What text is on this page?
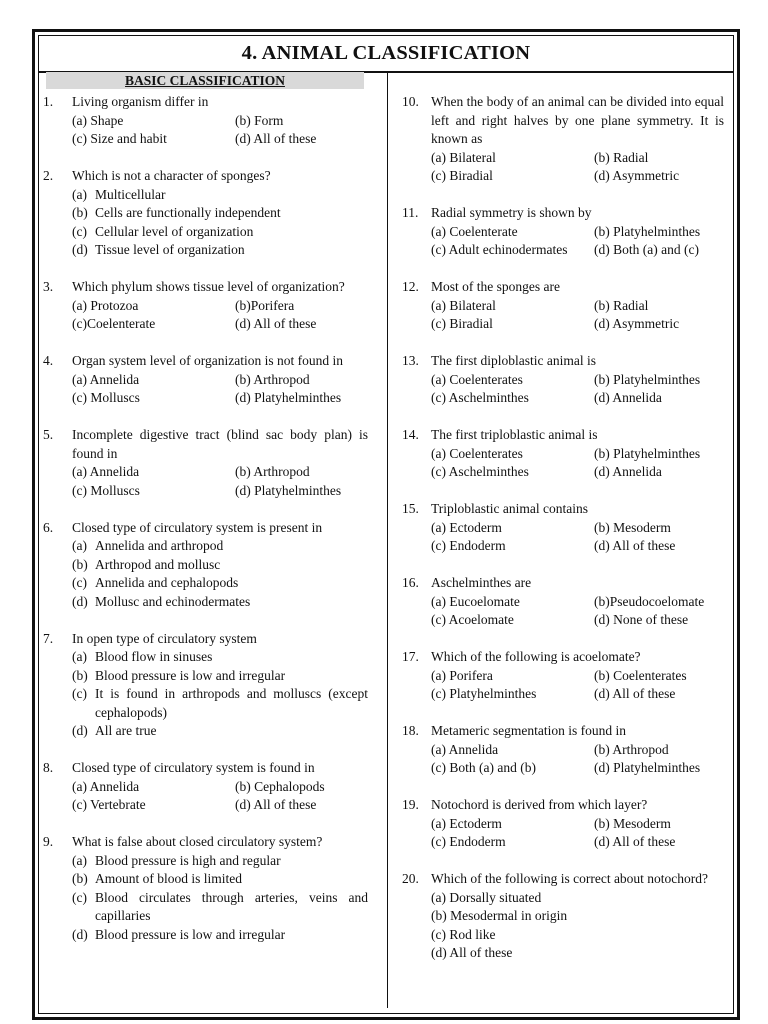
4. ANIMAL CLASSIFICATION
BASIC CLASSIFICATION
1. Living organism differ in
(a) Shape	(b) Form
(c) Size and habit	(d) All of these
2. Which is not a character of sponges?
(a) Multicellular
(b) Cells are functionally independent
(c) Cellular level of organization
(d) Tissue level of organization
3. Which phylum shows tissue level of organization?
(a) Protozoa	(b)Porifera
(c)Coelenterate	(d) All of these
4. Organ system level of organization is not found in
(a) Annelida	(b) Arthropod
(c) Molluscs	(d) Platyhelminthes
5. Incomplete digestive tract (blind sac body plan) is found in
(a) Annelida	(b) Arthropod
(c) Molluscs	(d) Platyhelminthes
6. Closed type of circulatory system is present in
(a) Annelida and arthropod
(b) Arthropod and mollusc
(c) Annelida and cephalopods
(d) Mollusc and echinodermates
7. In open type of circulatory system
(a) Blood flow in sinuses
(b) Blood pressure is low and irregular
(c) It is found in arthropods and molluscs (except cephalopods)
(d) All are true
8. Closed type of circulatory system is found in
(a) Annelida	(b) Cephalopods
(c) Vertebrate	(d) All of these
9. What is false about closed circulatory system?
(a) Blood pressure is high and regular
(b) Amount of blood is limited
(c) Blood circulates through arteries, veins and capillaries
(d) Blood pressure is low and irregular
10. When the body of an animal can be divided into equal left and right halves by one plane symmetry. It is known as
(a) Bilateral	(b) Radial
(c) Biradial	(d) Asymmetric
11. Radial symmetry is shown by
(a) Coelenterate	(b) Platyhelminthes
(c) Adult echinodermates	(d) Both (a) and (c)
12. Most of the sponges are
(a) Bilateral	(b) Radial
(c) Biradial	(d) Asymmetric
13. The first diploblastic animal is
(a) Coelenterates	(b) Platyhelminthes
(c) Aschelminthes	(d) Annelida
14. The first triploblastic animal is
(a) Coelenterates	(b) Platyhelminthes
(c) Aschelminthes	(d) Annelida
15. Triploblastic animal contains
(a) Ectoderm	(b) Mesoderm
(c) Endoderm	(d) All of these
16. Aschelminthes are
(a) Eucoelomate	(b)Pseudocoelomate
(c) Acoelomate	(d) None of these
17. Which of the following is acoelomate?
(a) Porifera	(b) Coelenterates
(c) Platyhelminthes	(d) All of these
18. Metameric segmentation is found in
(a) Annelida	(b) Arthropod
(c) Both (a) and (b)	(d) Platyhelminthes
19. Notochord is derived from which layer?
(a) Ectoderm	(b) Mesoderm
(c) Endoderm	(d) All of these
20. Which of the following is correct about notochord?
(a) Dorsally situated
(b) Mesodermal in origin
(c) Rod like
(d) All of these
